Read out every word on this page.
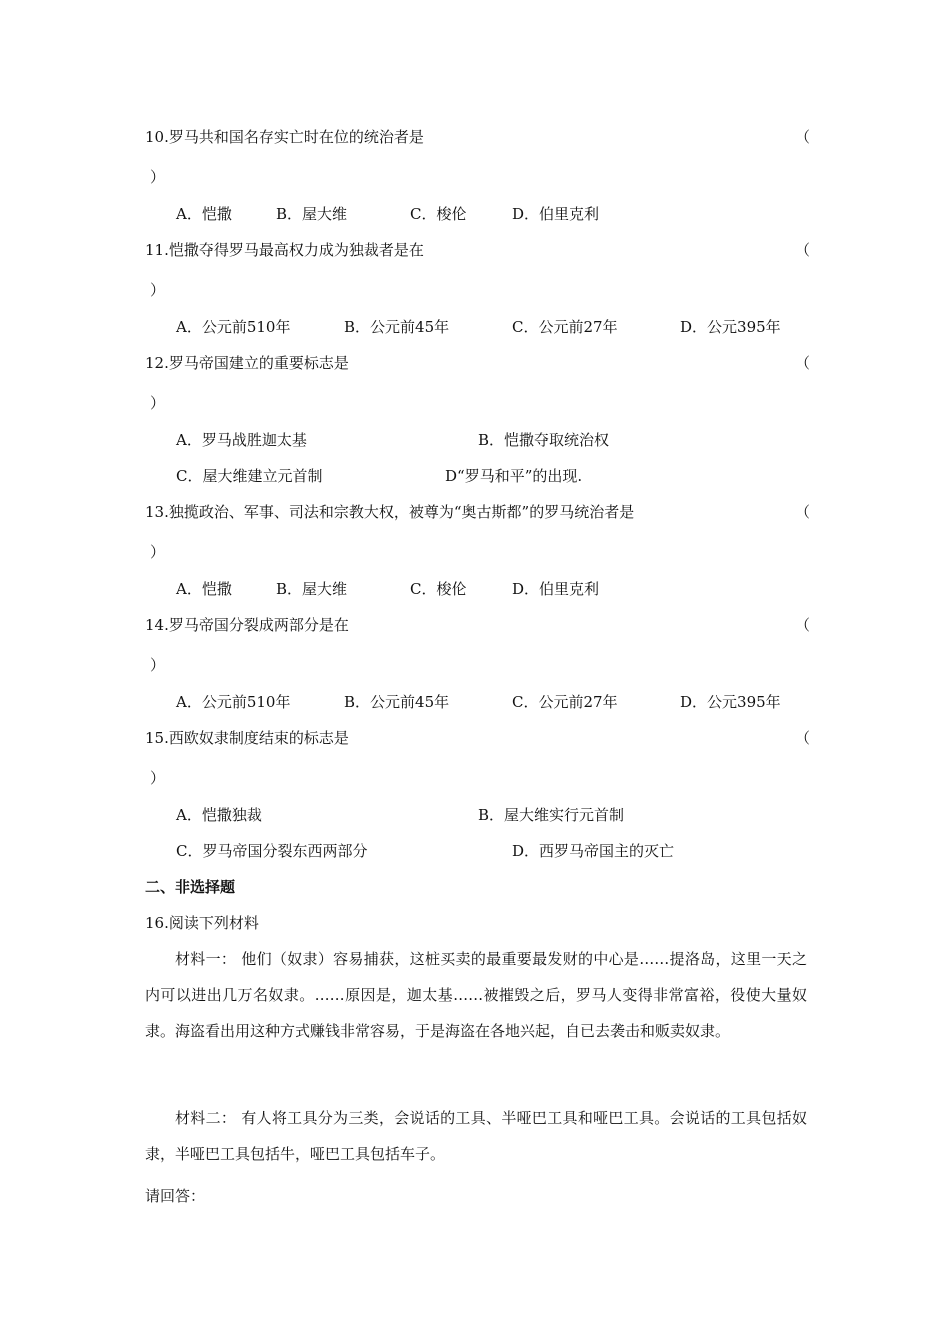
10.罗马共和国名存实亡时在位的统治者是	（
）
A．恺撒	B．屋大维	C．梭伦	D．伯里克利
11.恺撒夺得罗马最高权力成为独裁者是在	（
）
A．公元前510年	B．公元前45年	C．公元前27年	D．公元395年
12.罗马帝国建立的重要标志是	（
）
A．罗马战胜迦太基	B．恺撒夺取统治权
C．屋大维建立元首制	D“罗马和平”的出现.
13.独揽政治、军事、司法和宗教大权，被尊为“奥古斯都”的罗马统治者是	（
）
A．恺撒	B．屋大维	C．梭伦	D．伯里克利
14.罗马帝国分裂成两部分是在	（
）
A．公元前510年	B．公元前45年	C．公元前27年	D．公元395年
15.西欧奴隶制度结束的标志是	（
）
A．恺撒独裁	B．屋大维实行元首制
C．罗马帝国分裂东西两部分	D．西罗马帝国主的灭亡
二、非选择题
16.阅读下列材料
材料一： 他们（奴隶）容易捕获，这桩买卖的最重要最发财的中心是……提洛岛，这里一天之内可以进出几万名奴隶。……原因是，迦太基……被摧毁之后，罗马人变得非常富裕，役使大量奴隶。海盗看出用这种方式赚钱非常容易，于是海盗在各地兴起，自已去袭击和贩卖奴隶。
材料二： 有人将工具分为三类，会说话的工具、半哑巴工具和哑巴工具。会说话的工具包括奴隶，半哑巴工具包括牛，哑巴工具包括车子。
请回答：
